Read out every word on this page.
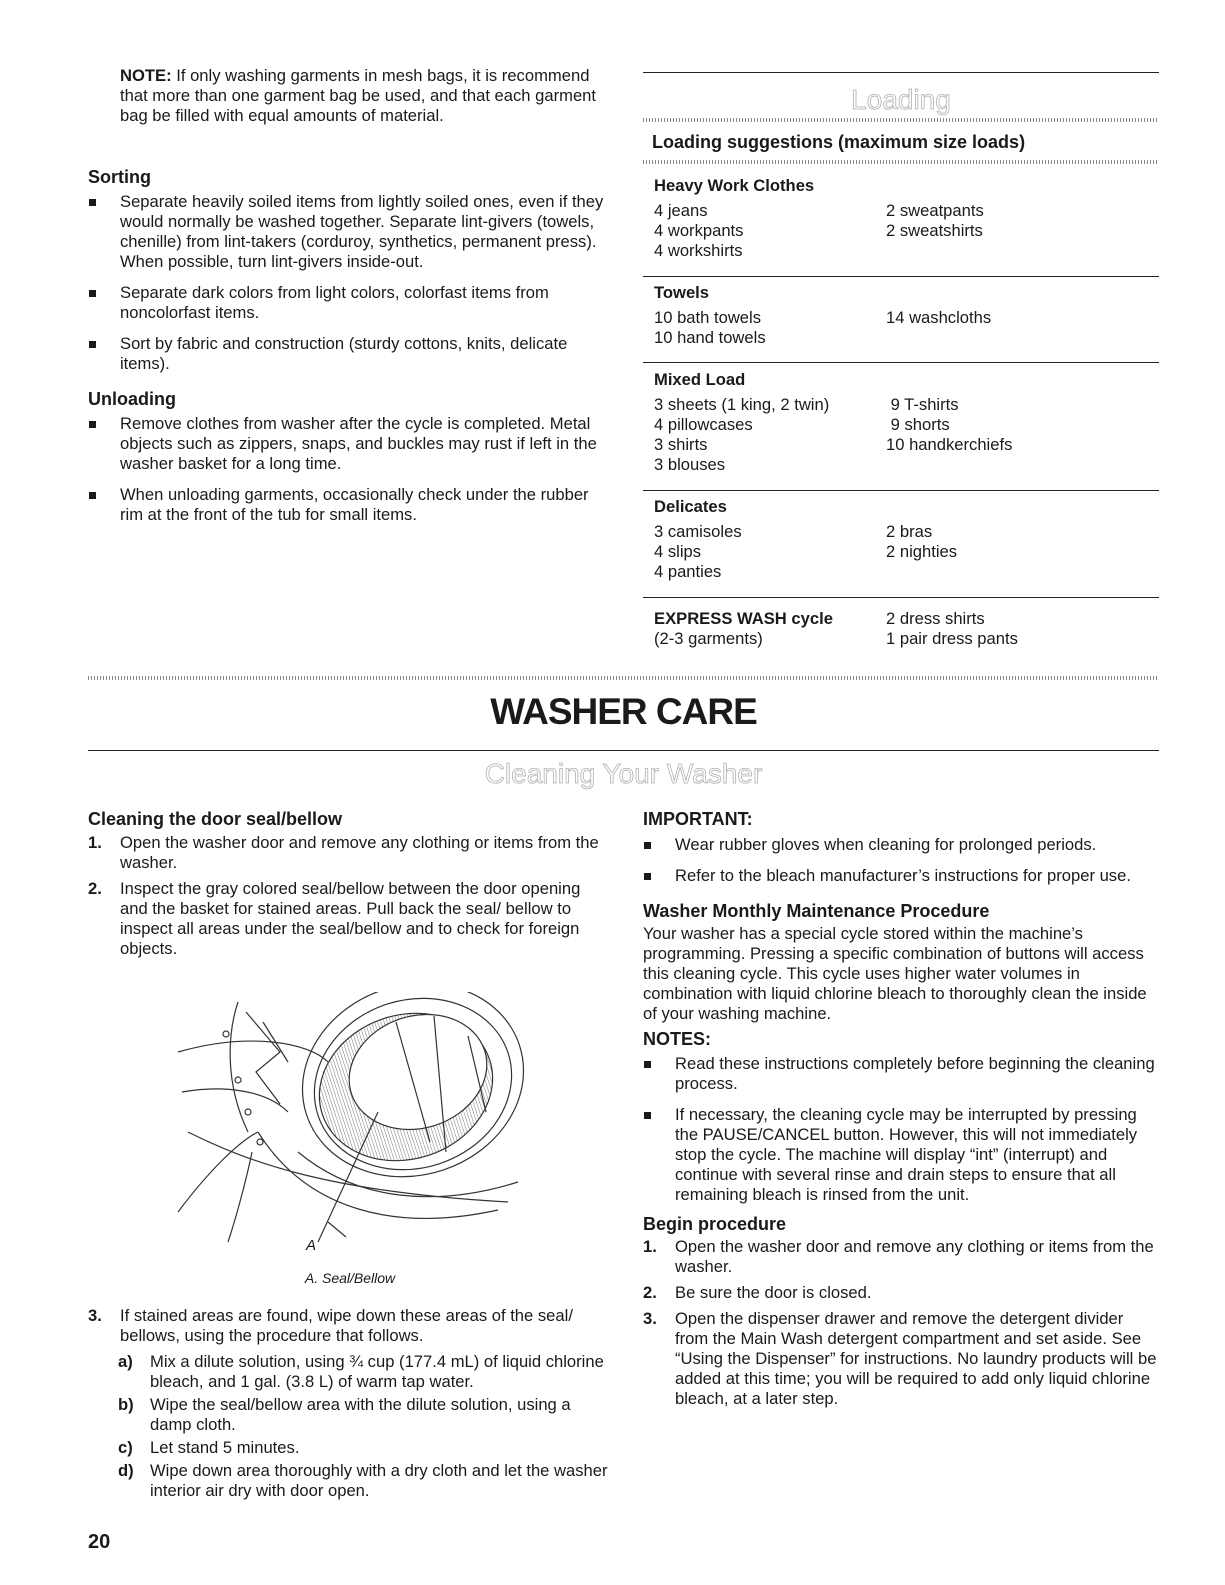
NOTE: If only washing garments in mesh bags, it is recommend that more than one garment bag be used, and that each garment bag be filled with equal amounts of material.

Sorting

Separate heavily soiled items from lightly soiled ones, even if they would normally be washed together. Separate lint-givers (towels, chenille) from lint-takers (corduroy, synthetics, permanent press). When possible, turn lint-givers inside-out.

Separate dark colors from light colors, colorfast items from noncolorfast items.

Sort by fabric and construction (sturdy cottons, knits, delicate items).

Unloading

Remove clothes from washer after the cycle is completed. Metal objects such as zippers, snaps, and buckles may rust if left in the washer basket for a long time.

When unloading garments, occasionally check under the rubber rim at the front of the tub for small items.

Loading
Loading suggestions (maximum size loads)
Heavy Work Clothes
4 jeans	2 sweatpants
4 workpants	2 sweatshirts
4 workshirts
Towels
10 bath towels	14 washcloths
10 hand towels
Mixed Load
3 sheets (1 king, 2 twin)	9 T-shirts
4 pillowcases	9 shorts
3 shirts	10 handkerchiefs
3 blouses
Delicates
3 camisoles	2 bras
4 slips	2 nighties
4 panties
EXPRESS WASH cycle	2 dress shirts
(2-3 garments)	1 pair dress pants
WASHER CARE
Cleaning Your Washer

Cleaning the door seal/bellow

1. Open the washer door and remove any clothing or items from the washer.

2. Inspect the gray colored seal/bellow between the door opening and the basket for stained areas. Pull back the seal/ bellow to inspect all areas under the seal/bellow and to check for foreign objects.

A
A. Seal/Bellow

3. If stained areas are found, wipe down these areas of the seal/ bellows, using the procedure that follows.

a) Mix a dilute solution, using ¾ cup (177.4 mL) of liquid chlorine bleach, and 1 gal. (3.8 L) of warm tap water.

b) Wipe the seal/bellow area with the dilute solution, using a damp cloth.

c) Let stand 5 minutes.

d) Wipe down area thoroughly with a dry cloth and let the washer interior air dry with door open.

IMPORTANT:

Wear rubber gloves when cleaning for prolonged periods.

Refer to the bleach manufacturer’s instructions for proper use.

Washer Monthly Maintenance Procedure

Your washer has a special cycle stored within the machine’s programming. Pressing a specific combination of buttons will access this cleaning cycle. This cycle uses higher water volumes in combination with liquid chlorine bleach to thoroughly clean the inside of your washing machine.

NOTES:

Read these instructions completely before beginning the cleaning process.

If necessary, the cleaning cycle may be interrupted by pressing the PAUSE/CANCEL button. However, this will not immediately stop the cycle. The machine will display “int” (interrupt) and continue with several rinse and drain steps to ensure that all remaining bleach is rinsed from the unit.

Begin procedure

1. Open the washer door and remove any clothing or items from the washer.

2. Be sure the door is closed.

3. Open the dispenser drawer and remove the detergent divider from the Main Wash detergent compartment and set aside. See “Using the Dispenser” for instructions. No laundry products will be added at this time; you will be required to add only liquid chlorine bleach, at a later step.

20
